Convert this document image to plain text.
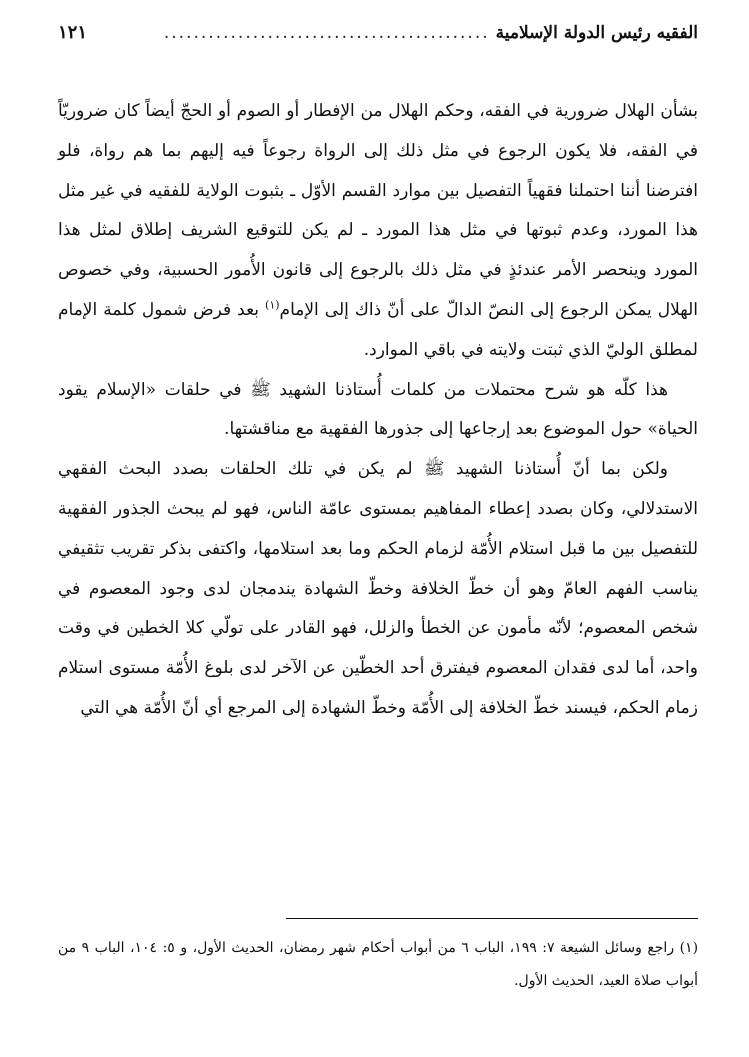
الفقيه رئيس الدولة الإسلامية
............................................
١٢١

بشأن الهلال ضرورية في الفقه، وحكم الهلال من الإفطار أو الصوم أو الحجّ أيضاً كان ضروريّاً في الفقه، فلا يكون الرجوع في مثل ذلك إلى الرواة رجوعاً فيه إليهم بما هم رواة، فلو افترضنا أننا احتملنا فقهياً التفصيل بين موارد القسم الأوّل ـ بثبوت الولاية للفقيه في غير مثل هذا المورد، وعدم ثبوتها في مثل هذا المورد ـ لم يكن للتوقيع الشريف إطلاق لمثل هذا المورد وينحصر الأمر عندئذٍ في مثل ذلك بالرجوع إلى قانون الأُمور الحسبية، وفي خصوص الهلال يمكن الرجوع إلى النصّ الدالّ على أنّ ذاك إلى الإمام$^{(١)}$ بعد فرض شمول كلمة الإمام لمطلق الوليّ الذي ثبتت ولايته في باقي الموارد.

هذا كلّه هو شرح محتملات من كلمات أُستاذنا الشهيد ﷺ في حلقات «الإسلام يقود الحياة» حول الموضوع بعد إرجاعها إلى جذورها الفقهية مع مناقشتها.

ولكن بما أنّ أُستاذنا الشهيد ﷺ لم يكن في تلك الحلقات بصدد البحث الفقهي الاستدلالي، وكان بصدد إعطاء المفاهيم بمستوى عامّة الناس، فهو لم يبحث الجذور الفقهية للتفصيل بين ما قبل استلام الأُمّة لزمام الحكم وما بعد استلامها، واكتفى بذكر تقريب تثقيفي يناسب الفهم العامّ وهو أن خطّ الخلافة وخطّ الشهادة يندمجان لدى وجود المعصوم في شخص المعصوم؛ لأنّه مأمون عن الخطأ والزلل، فهو القادر على تولّي كلا الخطين في وقت واحد، أما لدى فقدان المعصوم فيفترق أحد الخطّين عن الآخر لدى بلوغ الأُمّة مستوى استلام زمام الحكم، فيسند خطّ الخلافة إلى الأُمّة وخطّ الشهادة إلى المرجع أي أنّ الأُمّة هي التي

(١) راجع وسائل الشيعة ٧: ١٩٩، الباب ٦ من أبواب أحكام شهر رمضان، الحديث الأول، و ٥: ١٠٤، الباب ٩ من أبواب صلاة العيد، الحديث الأول.
